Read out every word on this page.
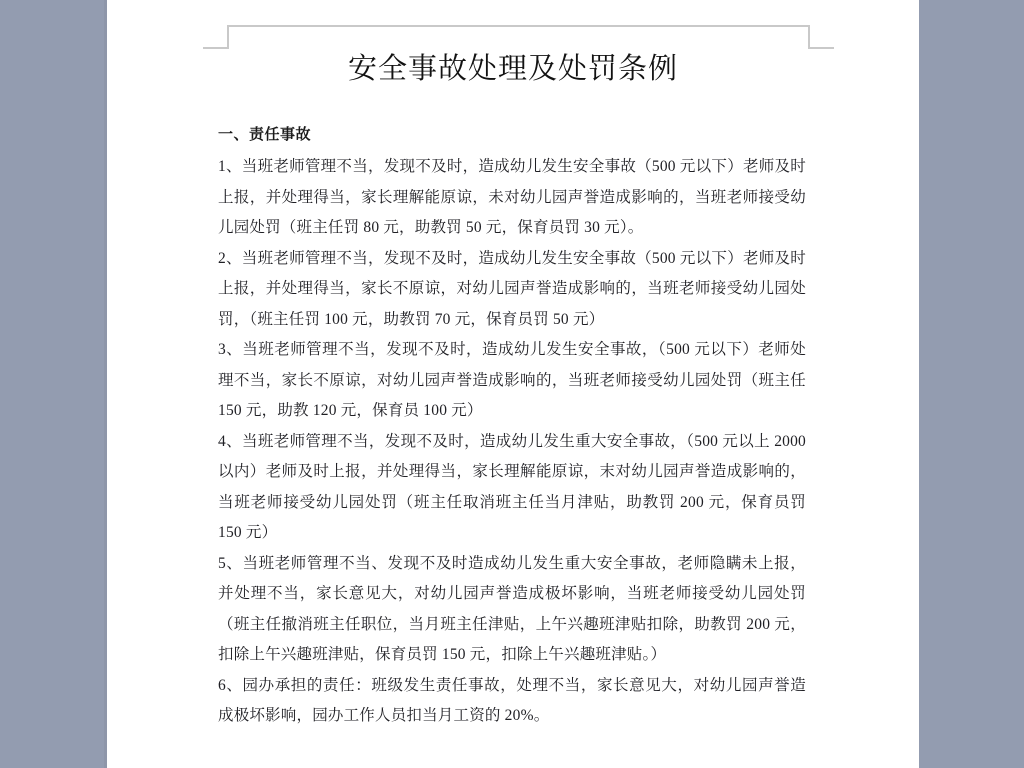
安全事故处理及处罚条例

一、责任事故

1、当班老师管理不当，发现不及时，造成幼儿发生安全事故（500 元以下）老师及时上报，并处理得当，家长理解能原谅，未对幼儿园声誉造成影响的，当班老师接受幼儿园处罚（班主任罚 80 元，助教罚 50 元，保育员罚 30 元）。

2、当班老师管理不当，发现不及时，造成幼儿发生安全事故（500 元以下）老师及时上报，并处理得当，家长不原谅，对幼儿园声誉造成影响的，当班老师接受幼儿园处罚，（班主任罚 100 元，助教罚 70 元，保育员罚 50 元）

3、当班老师管理不当，发现不及时，造成幼儿发生安全事故，（500 元以下）老师处理不当，家长不原谅，对幼儿园声誉造成影响的，当班老师接受幼儿园处罚（班主任 150 元，助教 120 元，保育员 100 元）

4、当班老师管理不当，发现不及时，造成幼儿发生重大安全事故，（500 元以上 2000 以内）老师及时上报，并处理得当，家长理解能原谅，末对幼儿园声誉造成影响的，当班老师接受幼儿园处罚（班主任取消班主任当月津贴，助教罚 200 元，保育员罚 150 元）

5、当班老师管理不当、发现不及时造成幼儿发生重大安全事故，老师隐瞒未上报，并处理不当，家长意见大，对幼儿园声誉造成极坏影响，当班老师接受幼儿园处罚（班主任撤消班主任职位，当月班主任津贴，上午兴趣班津贴扣除，助教罚 200 元，扣除上午兴趣班津贴，保育员罚 150 元，扣除上午兴趣班津贴。）

6、园办承担的责任：班级发生责任事故，处理不当，家长意见大，对幼儿园声誉造成极坏影响，园办工作人员扣当月工资的 20%。
